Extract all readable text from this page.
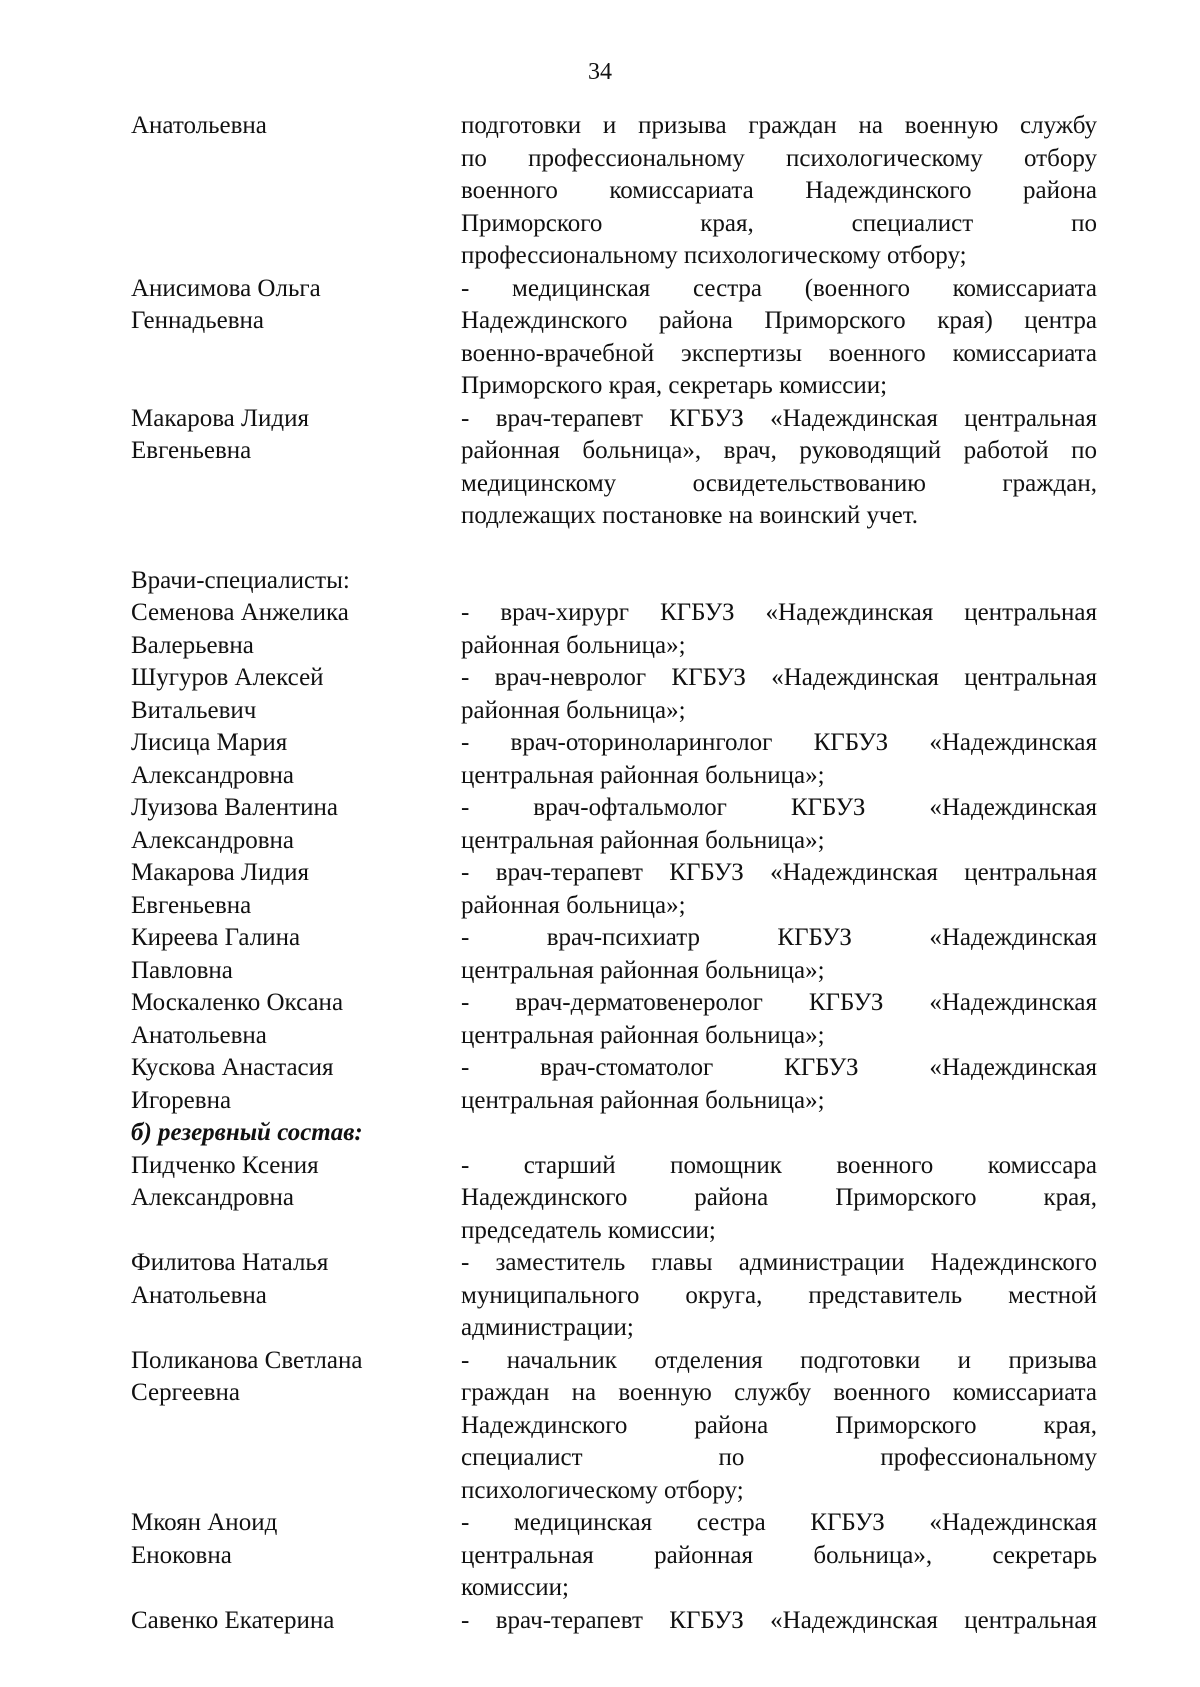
34
Анатольевна	подготовки и призыва граждан на военную службу
по профессиональному психологическому отбору
военного комиссариата Надеждинского района
Приморского края, специалист по
профессиональному психологическому отбору;
Анисимова Ольга
Геннадьевна
- медицинская сестра (военного комиссариата
Надеждинского района Приморского края) центра
военно-врачебной экспертизы военного комиссариата
Приморского края, секретарь комиссии;
Макарова Лидия
Евгеньевна
- врач-терапевт КГБУЗ «Надеждинская центральная
районная больница», врач, руководящий работой по
медицинскому освидетельствованию граждан,
подлежащих постановке на воинский учет.
Врачи-специалисты:
Семенова Анжелика
Валерьевна
- врач-хирург КГБУЗ «Надеждинская центральная
районная больница»;
Шугуров Алексей
Витальевич
- врач-невролог КГБУЗ «Надеждинская центральная
районная больница»;
Лисица Мария
Александровна
- врач-оториноларинголог КГБУЗ «Надеждинская
центральная районная больница»;
Луизова Валентина
Александровна
- врач-офтальмолог КГБУЗ «Надеждинская
центральная районная больница»;
Макарова Лидия
Евгеньевна
- врач-терапевт КГБУЗ «Надеждинская центральная
районная больница»;
Киреева Галина
Павловна
- врач-психиатр КГБУЗ «Надеждинская
центральная районная больница»;
Москаленко Оксана
Анатольевна
- врач-дерматовенеролог КГБУЗ «Надеждинская
центральная районная больница»;
Кускова Анастасия
Игоревна
- врач-стоматолог КГБУЗ «Надеждинская
центральная районная больница»;
б) резервный состав:
Пидченко Ксения
Александровна
- старший помощник военного комиссара
Надеждинского района Приморского края,
председатель комиссии;
Филитова Наталья
Анатольевна
- заместитель главы администрации Надеждинского
муниципального округа, представитель местной
администрации;
Поликанова Светлана
Сергеевна
- начальник отделения подготовки и призыва
граждан на военную службу военного комиссариата
Надеждинского района Приморского края,
специалист по профессиональному
психологическому отбору;
Мкоян Аноид
Еноковна
- медицинская сестра КГБУЗ «Надеждинская
центральная районная больница», секретарь
комиссии;
Савенко Екатерина	- врач-терапевт КГБУЗ «Надеждинская центральная
